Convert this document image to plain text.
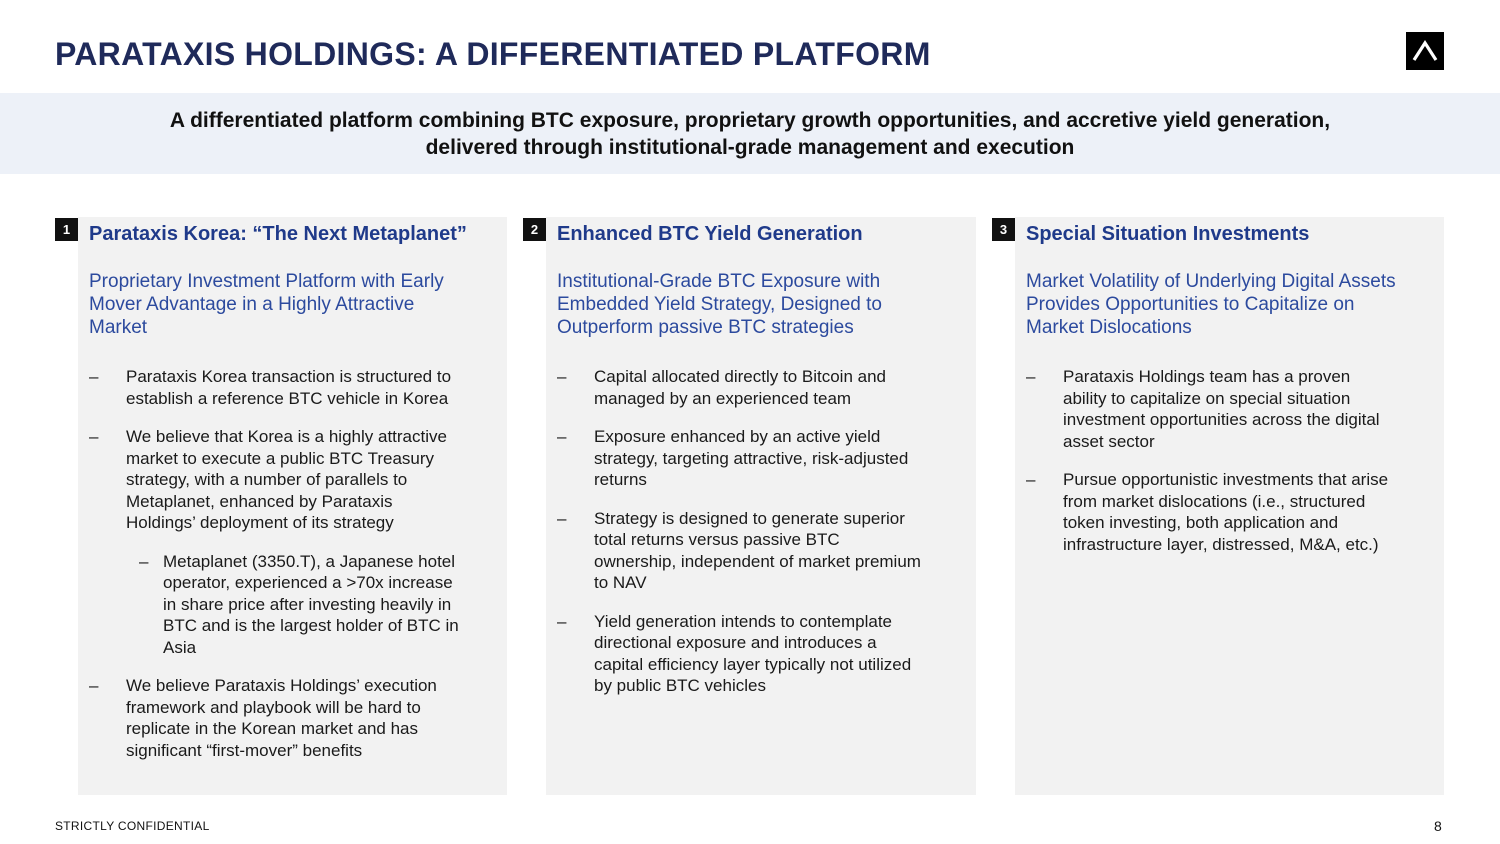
PARATAXIS HOLDINGS: A DIFFERENTIATED PLATFORM
A differentiated platform combining BTC exposure, proprietary growth opportunities, and accretive yield generation,
delivered through institutional-grade management and execution
Parataxis Korea: “The Next Metaplanet”
Proprietary Investment Platform with Early
Mover Advantage in a Highly Attractive
Market
–	Parataxis Korea transaction is structured to
establish a reference BTC vehicle in Korea
–	We believe that Korea is a highly attractive
market to execute a public BTC Treasury
strategy, with a number of parallels to
Metaplanet, enhanced by Parataxis
Holdings’ deployment of its strategy
– Metaplanet (3350.T), a Japanese hotel
operator, experienced a >70x increase
in share price after investing heavily in
BTC and is the largest holder of BTC in
Asia
–	We believe Parataxis Holdings’ execution
framework and playbook will be hard to
replicate in the Korean market and has
significant “first-mover” benefits
Enhanced BTC Yield Generation
Institutional-Grade BTC Exposure with
Embedded Yield Strategy, Designed to
Outperform passive BTC strategies
–	Capital allocated directly to Bitcoin and
managed by an experienced team
–	Exposure enhanced by an active yield
strategy, targeting attractive, risk-adjusted
returns
–	Strategy is designed to generate superior
total returns versus passive BTC
ownership, independent of market premium
to NAV
–	Yield generation intends to contemplate
directional exposure and introduces a
capital efficiency layer typically not utilized
by public BTC vehicles
Special Situation Investments
Market Volatility of Underlying Digital Assets
Provides Opportunities to Capitalize on
Market Dislocations
–	Parataxis Holdings team has a proven
ability to capitalize on special situation
investment opportunities across the digital
asset sector
–	Pursue opportunistic investments that arise
from market dislocations (i.e., structured
token investing, both application and
infrastructure layer, distressed, M&A, etc.)
1	2	3
STRICTLY CONFIDENTIAL	8
